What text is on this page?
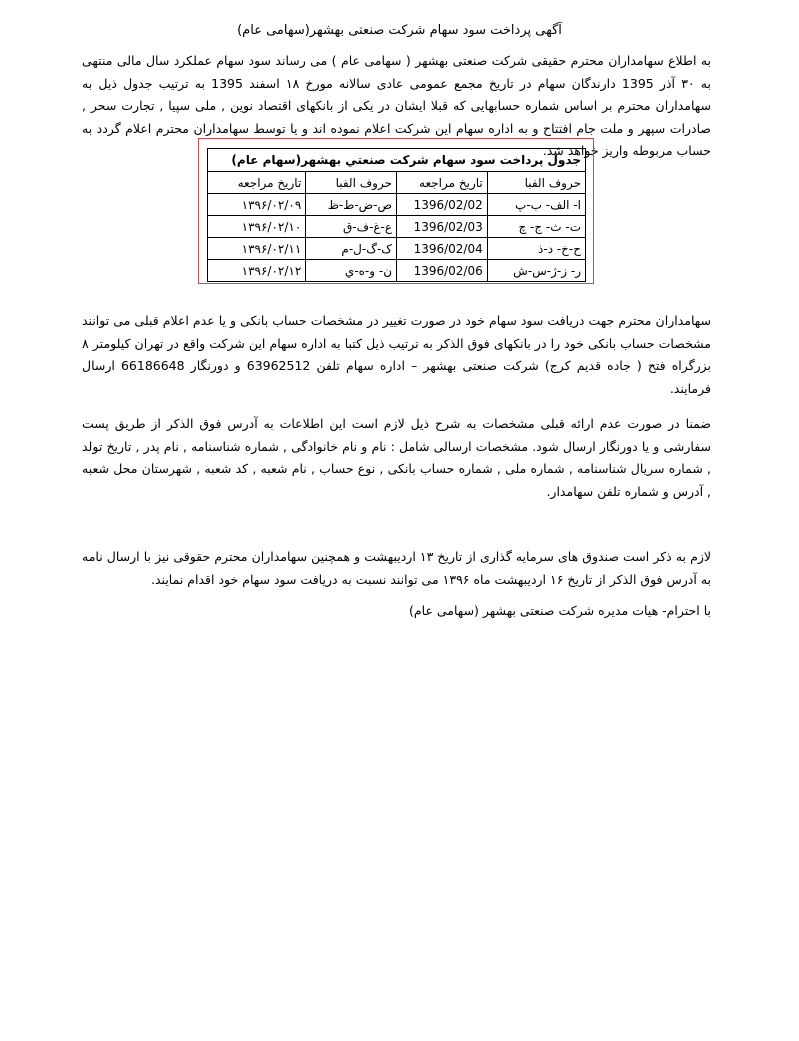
آگهی پرداخت سود سهام شرکت صنعتی بهشهر(سهامی عام)
به اطلاع سهامداران محترم حقیقی شرکت صنعتی بهشهر ( سهامی عام ) می رساند سود سهام عملکرد سال مالی منتهی به ۳۰ آذر 1395 دارندگان سهام در تاریخ مجمع عمومی عادی سالانه مورخ ۱۸ اسفند 1395 به ترتیب جدول ذیل به سهامداران محترم بر اساس شماره حسابهایی که قبلا ایشان در یکی از بانکهای اقتصاد نوین , ملی سپیا , تجارت سحر , صادرات سپهر و ملت جام افتتاح و به اداره سهام این شرکت اعلام نموده اند و یا توسط سهامداران محترم اعلام گردد به حساب مربوطه واریز خواهد شد.
جدول پرداخت سود سهام شرکت صنعتي بهشهر(سهام عام)			
حروف الفبا	تاریخ مراجعه	حروف الفبا	تاریخ مراجعه
ا- الف- ب-پ	1396/02/02	ص-ض-ط-ظ	۱۳۹۶/۰۲/۰۹
ت- ث- ج- چ	1396/02/03	ع-غ-ف-ق	۱۳۹۶/۰۲/۱۰
ح-خ- د-ذ	1396/02/04	ک-گ-ل-م	۱۳۹۶/۰۲/۱۱
ر- ز-ژ-س-ش	1396/02/06	ن- و-ه-ي	۱۳۹۶/۰۲/۱۲
سهامداران محترم جهت دریافت سود سهام خود در صورت تغییر در مشخصات حساب بانکی و یا عدم اعلام قبلی می توانند مشخصات حساب بانکی خود را در بانکهای فوق الذکر به ترتیب ذیل کتبا به اداره سهام این شرکت واقع در تهران کیلومتر ۸ بزرگراه فتح ( جاده قدیم کرج) شرکت صنعتی بهشهر – اداره سهام تلفن 63962512 و دورنگار 66186648 ارسال فرمایند.
ضمنا در صورت عدم ارائه قبلی مشخصات به شرح ذیل لازم است این اطلاعات به آدرس فوق الذکر از طریق پست سفارشی و یا دورنگار ارسال شود. مشخصات ارسالی شامل : نام و نام خانوادگی , شماره شناسنامه , نام پدر , تاریخ تولد , شماره سریال شناسنامه , شماره ملی , شماره حساب بانکی , نوع حساب , نام شعبه , کد شعبه , شهرستان محل شعبه , آدرس و شماره تلفن سهامدار.
لازم به ذکر است صندوق های سرمایه گذاری از تاریخ ۱۳ اردیبهشت و همچنین سهامداران محترم حقوقی نیز با ارسال نامه به آدرس فوق الذکر از تاریخ ۱۶ اردیبهشت ماه ۱۳۹۶ می توانند نسبت به دریافت سود سهام خود اقدام نمایند.
با احترام- هیات مدیره شرکت صنعتی بهشهر (سهامی عام)
